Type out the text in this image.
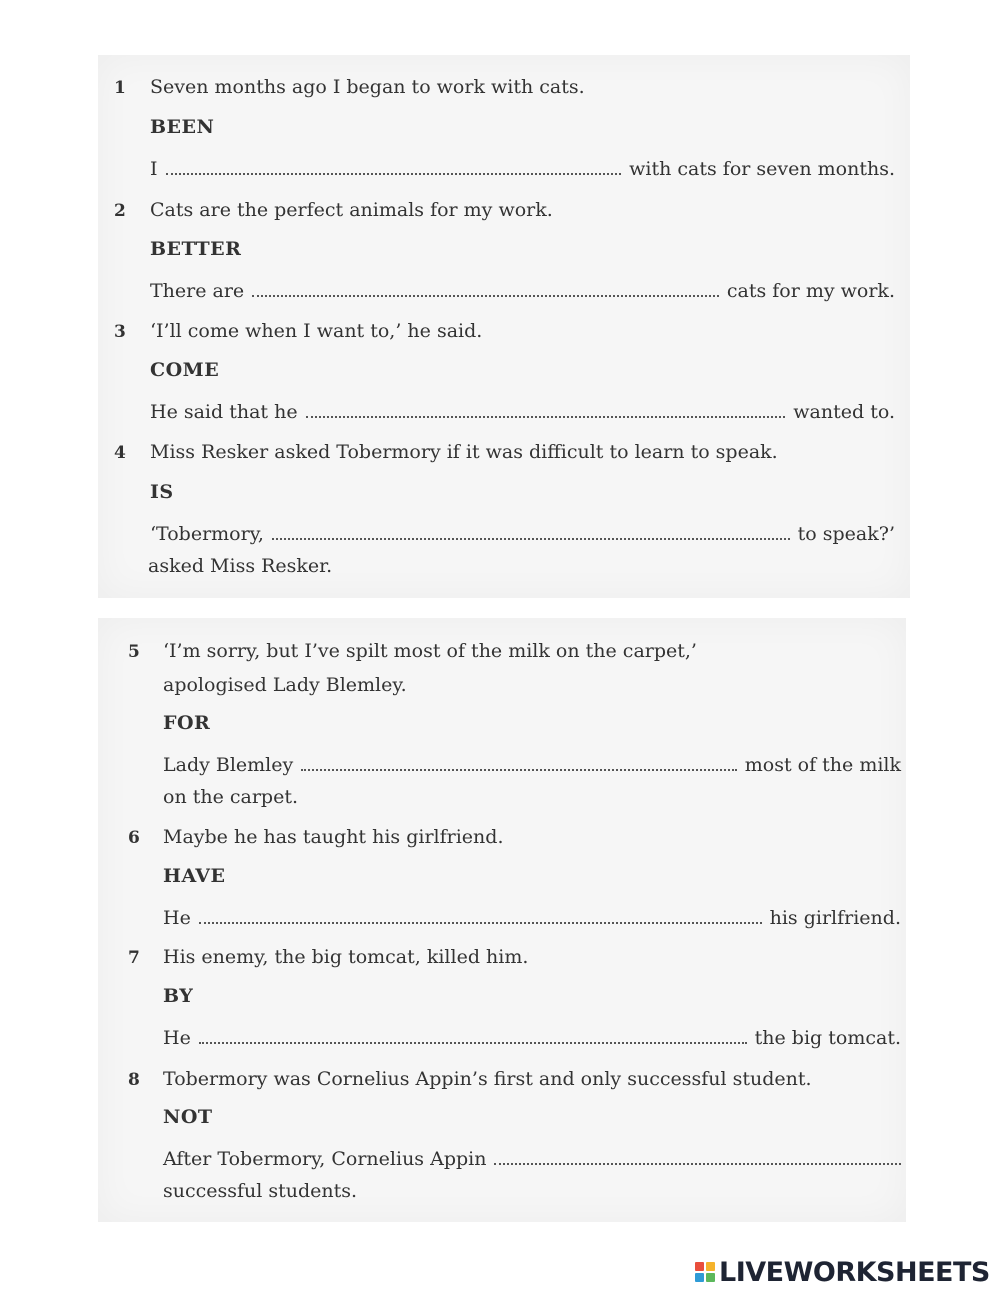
1 Seven months ago I began to work with cats.
BEEN
I	with cats for seven months.
2 Cats are the perfect animals for my work.
BETTER
There are	cats for my work.
3 ‘I’ll come when I want to,’ he said.
COME
He said that he	wanted to.
4 Miss Resker asked Tobermory if it was difficult to learn to speak.
IS
‘Tobermory,	to speak?’
asked Miss Resker.
5 ‘I’m sorry, but I’ve spilt most of the milk on the carpet,’
apologised Lady Blemley.
FOR
Lady Blemley	most of the milk
on the carpet.
6 Maybe he has taught his girlfriend.
HAVE
He	his girlfriend.
7 His enemy, the big tomcat, killed him.
BY
He	the big tomcat.
8 Tobermory was Cornelius Appin’s first and only successful student.
NOT
After Tobermory, Cornelius Appin
successful students.
LIVEWORKSHEETS
